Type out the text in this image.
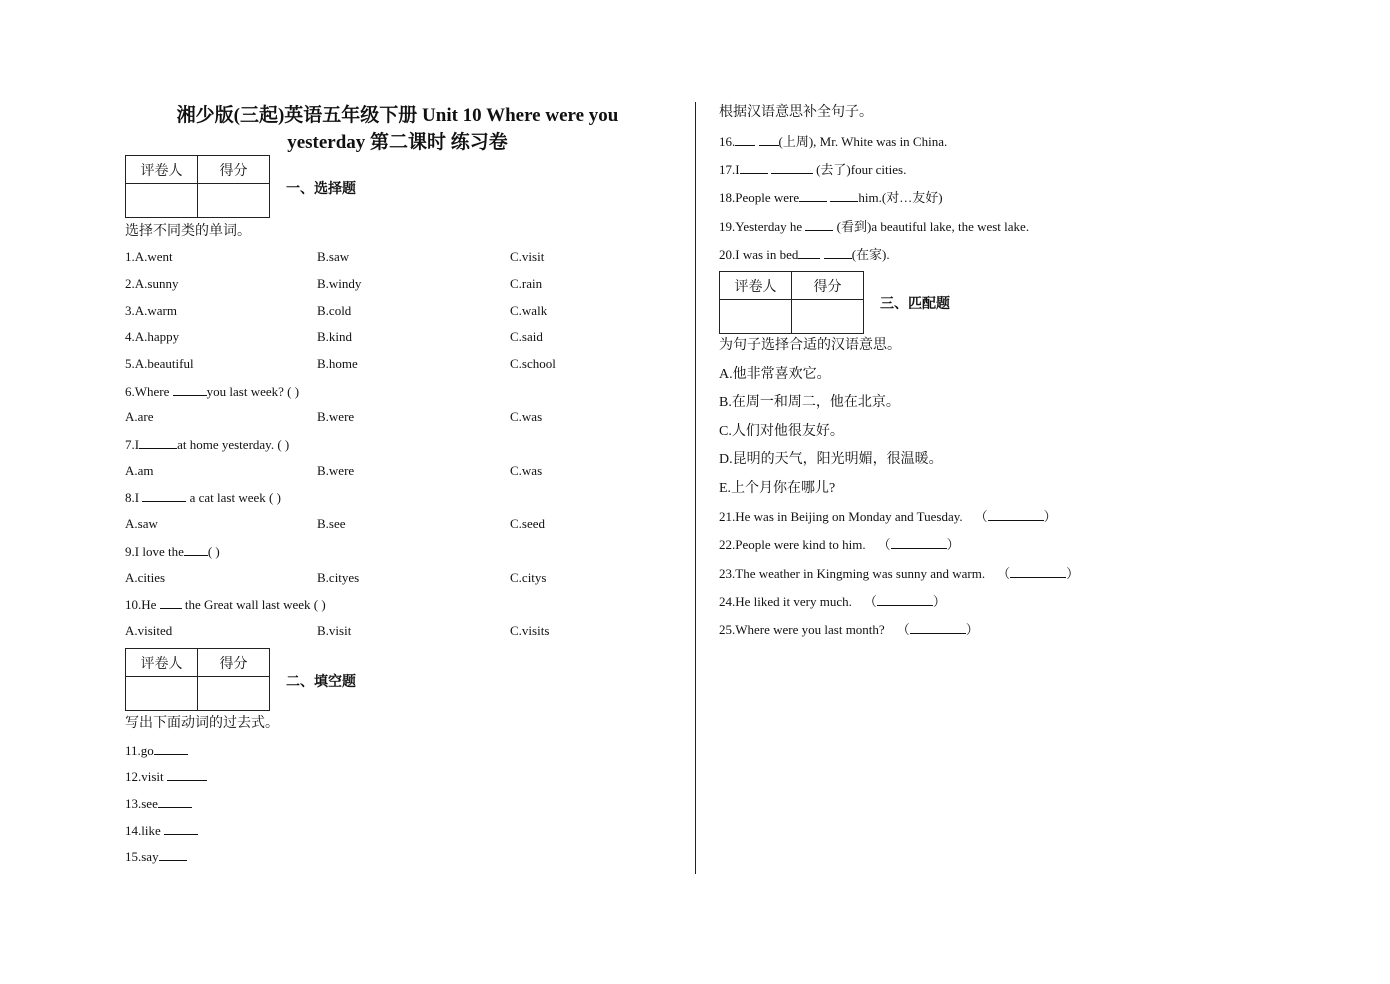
湘少版(三起)英语五年级下册 Unit 10 Where were you
yesterday 第二课时 练习卷
评卷人	得分

一、选择题
选择不同类的单词。
1.A.went	B.saw	C.visit
2.A.sunny	B.windy	C.rain
3.A.warm	B.cold	C.walk
4.A.happy	B.kind	C.said
5.A.beautiful	B.home	C.school
6.Where	you last week? ( )
A.are	B.were	C.was
7.I	at home yesterday. ( )
A.am	B.were	C.was
8.I	a cat last week ( )
A.saw	B.see	C.seed
9.I love the ( )
A.cities	B.cityes	C.citys
10.He  the Great wall last week ( )
A.visited	B.visit	C.visits
评卷人	得分

二、填空题
写出下面动词的过去式。
11.go
12.visit
13.see
14.like
15.say
根据汉语意思补全句子。
16.	(上周), Mr. White was in China.
17.I	(去了)four cities.
18.People were	him.(对…友好)
19.Yesterday he  (看到)a beautiful lake, the west lake.
20.I was in bed	(在家).
评卷人	得分

三、匹配题
为句子选择合适的汉语意思。
A.他非常喜欢它。
B.在周一和周二，他在北京。
C.人们对他很友好。
D.昆明的天气，阳光明媚，很温暖。
E.上个月你在哪儿?
21.He was in Beijing on Monday and Tuesday. （	）
22.People were kind to him. （	）
23.The weather in Kingming was sunny and warm. （	）
24.He liked it very much. （	）
25.Where were you last month? （	）
